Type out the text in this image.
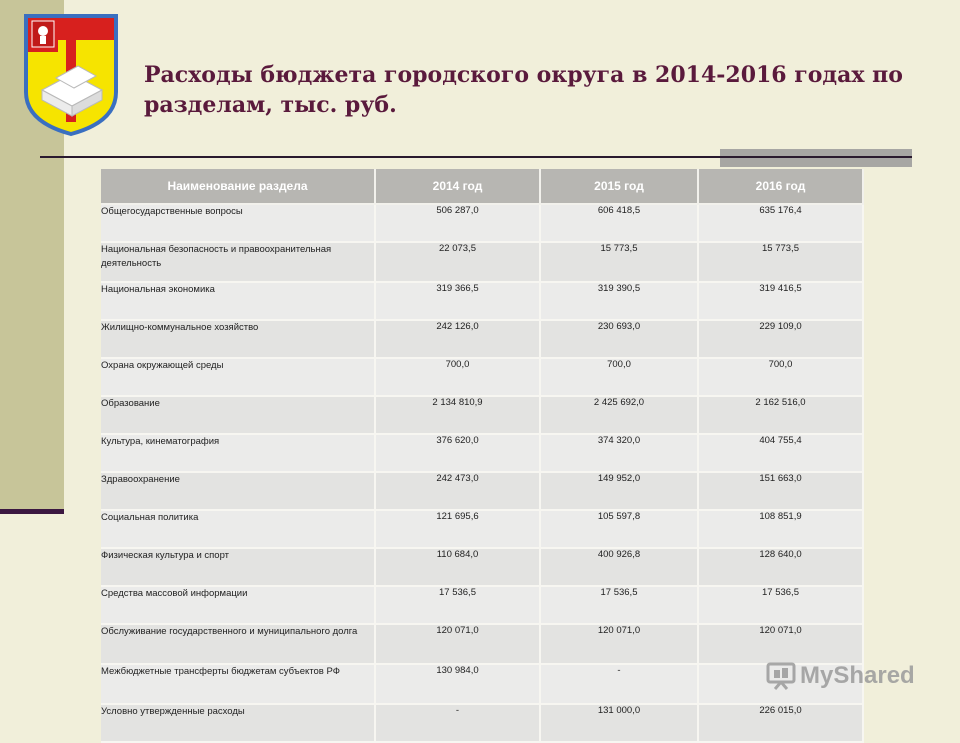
Расходы бюджета городского округа в 2014-2016 годах по разделам, тыс. руб.
Наименование раздела	2014 год	2015 год	2016 год
Общегосударственные вопросы	506 287,0	606 418,5	635 176,4
Национальная безопасность и правоохранительная деятельность	22 073,5	15 773,5	15 773,5
Национальная экономика	319 366,5	319 390,5	319 416,5
Жилищно-коммунальное хозяйство	242 126,0	230 693,0	229 109,0
Охрана окружающей среды	700,0	700,0	700,0
Образование	2 134 810,9	2 425 692,0	2 162 516,0
Культура, кинематография	376 620,0	374 320,0	404 755,4
Здравоохранение	242 473,0	149 952,0	151 663,0
Социальная политика	121 695,6	105 597,8	108 851,9
Физическая культура и спорт	110 684,0	400 926,8	128 640,0
Средства массовой информации	17 536,5	17 536,5	17 536,5
Обслуживание государственного и муниципального долга	120 071,0	120 071,0	120 071,0
Межбюджетные трансферты бюджетам субъектов РФ	130 984,0	-	
Условно утвержденные расходы	-	131 000,0	226 015,0
MyShared
